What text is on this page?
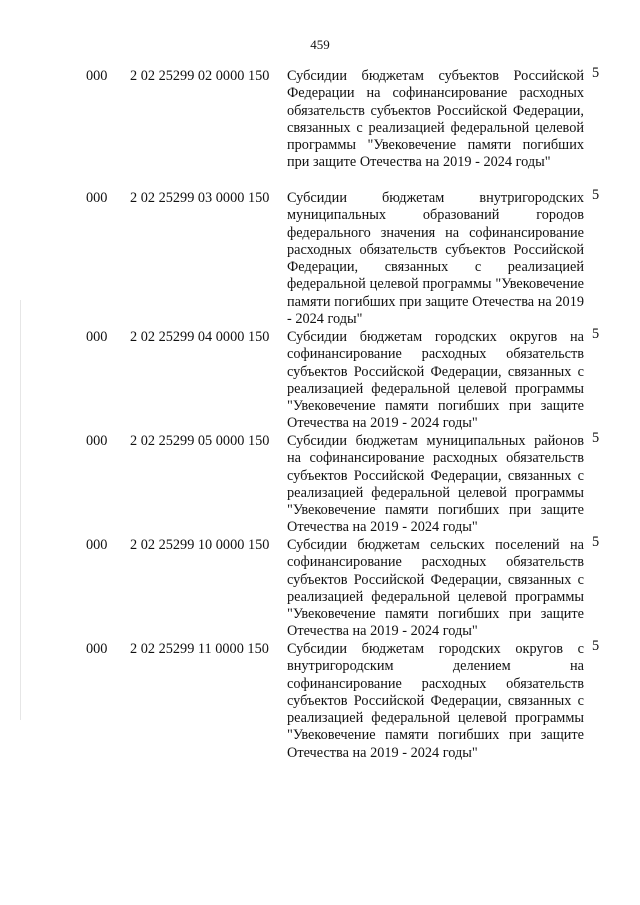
459
000 2 02 25299 02 0000 150 Субсидии бюджетам субъектов Российской Федерации на софинансирование расходных обязательств субъектов Российской Федерации, связанных с реализацией федеральной целевой программы "Увековечение памяти погибших при защите Отечества на 2019 - 2024 годы"
5
000 2 02 25299 03 0000 150 Субсидии бюджетам внутригородских муниципальных образований городов федерального значения на софинансирование расходных обязательств субъектов Российской Федерации, связанных с реализацией федеральной целевой программы "Увековечение памяти погибших при защите Отечества на 2019 - 2024 годы"
5
000 2 02 25299 04 0000 150 Субсидии бюджетам городских округов на софинансирование расходных обязательств субъектов Российской Федерации, связанных с реализацией федеральной целевой программы "Увековечение памяти погибших при защите Отечества на 2019 - 2024 годы"
5
000 2 02 25299 05 0000 150 Субсидии бюджетам муниципальных районов на софинансирование расходных обязательств субъектов Российской Федерации, связанных с реализацией федеральной целевой программы "Увековечение памяти погибших при защите Отечества на 2019 - 2024 годы"
5
000 2 02 25299 10 0000 150 Субсидии бюджетам сельских поселений на софинансирование расходных обязательств субъектов Российской Федерации, связанных с реализацией федеральной целевой программы "Увековечение памяти погибших при защите Отечества на 2019 - 2024 годы"
5
000 2 02 25299 11 0000 150 Субсидии бюджетам городских округов с внутригородским делением на софинансирование расходных обязательств субъектов Российской Федерации, связанных с реализацией федеральной целевой программы "Увековечение памяти погибших при защите Отечества на 2019 - 2024 годы"
5
